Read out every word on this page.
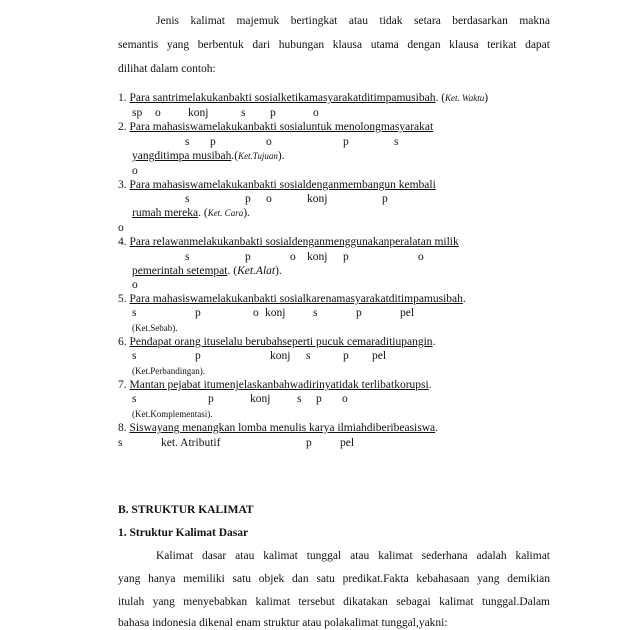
Jenis kalimat majemuk bertingkat atau tidak setara berdasarkan makna
semantis yang berbentuk dari hubungan klausa utama dengan klausa terikat dapat
dilihat dalam contoh:
1. Para santrimelakukanbakti sosialketikamasyarakatditimpamusibah. (Ket. Waktu)
sp o konj	s p	o
2. Para mahasiswamelakukanbakti sosialuntuk menolongmasyarakat
s p	o	p	s
yangditimpa musibah.(Ket.Tujuan).
o
3. Para mahasiswamelakukanbakti sosialdenganmembangun kembali
s	p o	konj	p
rumah mereka. (Ket. Cara).
o
4. Para relawanmelakukanbakti sosialdenganmenggunakanperalatan milik
s	p	o konj p	o
pemerintah setempat. (Ket.Alat).
o
5. Para mahasiswamelakukanbakti sosialkarenamasyarakatditimpamusibah.
s	p	o konj s	p	pel
(Ket.Sebab).
6. Pendapat orang ituselalu berubahseperti pucuk cemaraditiupangin.
s	p	konj s	p pel
(Ket.Perbandingan).
7. Mantan pejabat itumenjelaskanbahwadirinyatidak terlibatkorupsi.
s	p	konj s p o
(Ket.Komplementasi).
8. Siswayang menangkan lomba menulis karya ilmiahdiberibeasiswa.
s	ket. Atributif	p pel
B. STRUKTUR KALIMAT
1. Struktur Kalimat Dasar
Kalimat dasar atau kalimat tunggal atau kalimat sederhana adalah kalimat
yang hanya memiliki satu objek dan satu predikat.Fakta kebahasaan yang demikian
itulah yang menyebabkan kalimat tersebut dikatakan sebagai kalimat tunggal.Dalam
bahasa indonesia dikenal enam struktur atau polakalimat tunggal,yakni:
